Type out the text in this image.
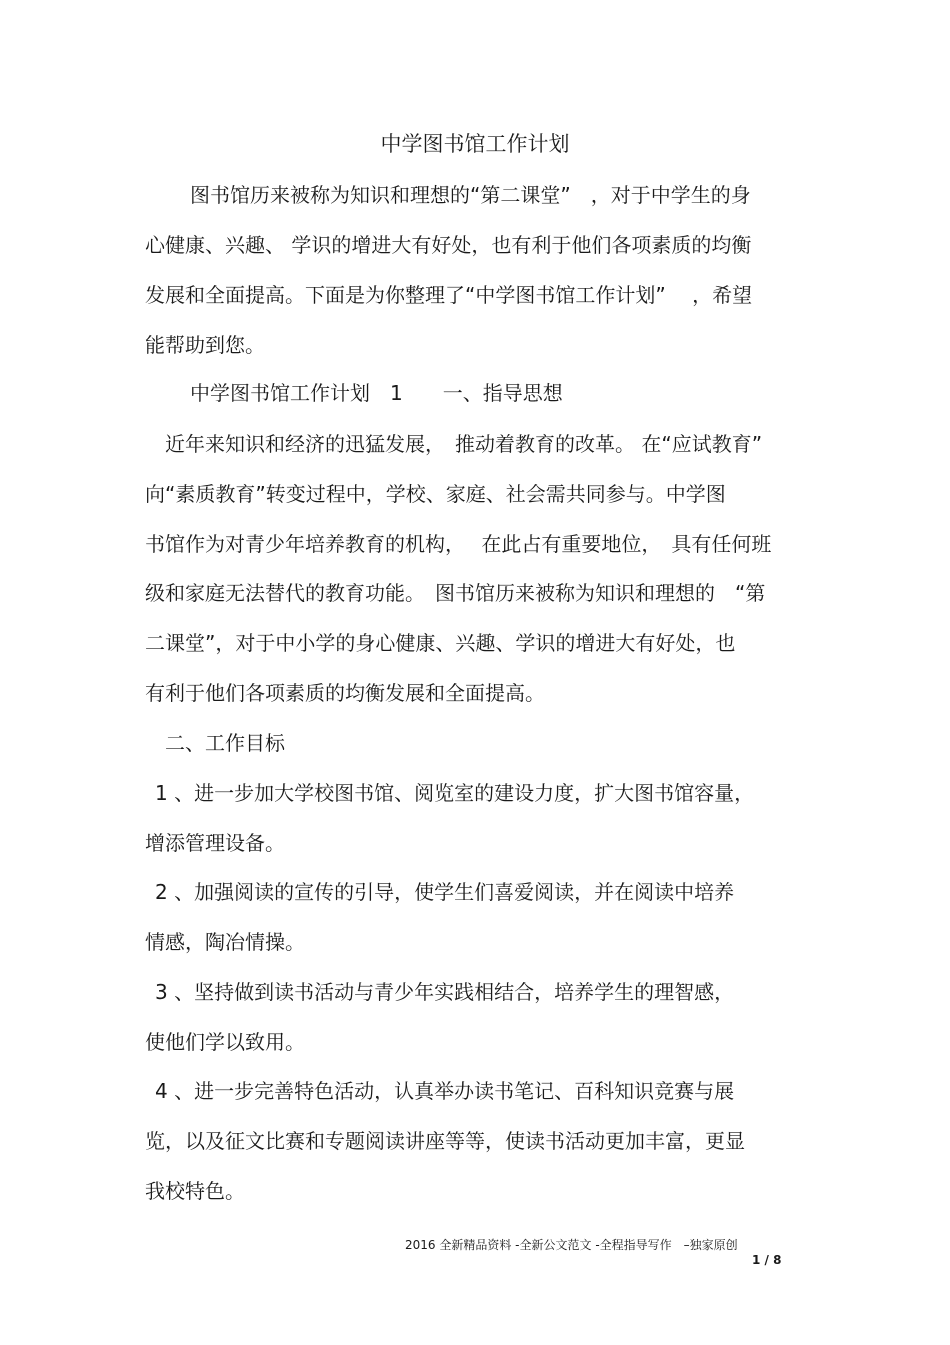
中学图书馆工作计划
图书馆历来被称为知识和理想的“第二课堂”　，对于中学生的身
心健康、兴趣、 学识的增进大有好处，也有利于他们各项素质的均衡
发展和全面提高。下面是为你整理了“中学图书馆工作计划”　 ，希望
能帮助到您。
中学图书馆工作计划　1　　一、指导思想
近年来知识和经济的迅猛发展，　推动着教育的改革。 在“应试教育”
向“素质教育”转变过程中，学校、家庭、社会需共同参与。中学图
书馆作为对青少年培养教育的机构，　 在此占有重要地位，　具有任何班
级和家庭无法替代的教育功能。　图书馆历来被称为知识和理想的　“第
二课堂”，对于中小学的身心健康、兴趣、学识的增进大有好处，也
有利于他们各项素质的均衡发展和全面提高。
二、工作目标
1 、进一步加大学校图书馆、阅览室的建设力度，扩大图书馆容量，
增添管理设备。
2 、加强阅读的宣传的引导，使学生们喜爱阅读，并在阅读中培养
情感，陶冶情操。
3 、坚持做到读书活动与青少年实践相结合，培养学生的理智感，
使他们学以致用。
4 、进一步完善特色活动，认真举办读书笔记、百科知识竞赛与展
览，以及征文比赛和专题阅读讲座等等，使读书活动更加丰富，更显
我校特色。
2016 全新精品资料 -全新公文范文 -全程指导写作　–独家原创
1 / 8
